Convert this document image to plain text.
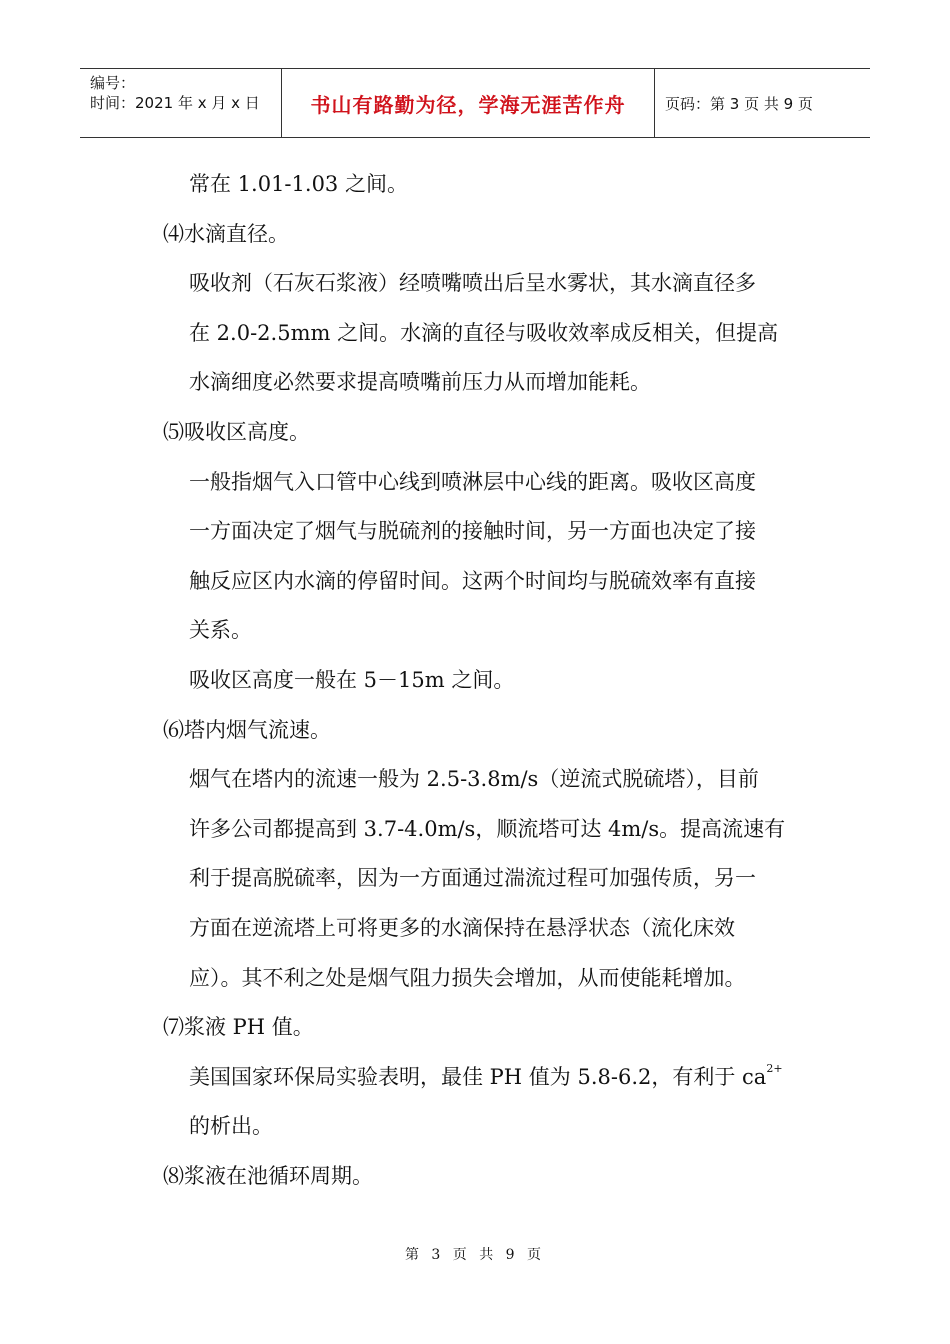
编号：
时间：2021 年 x 月 x 日	书山有路勤为径，学海无涯苦作舟	页码：第 3 页 共 9 页
常在 1.01-1.03 之间。
⑷水滴直径。
吸收剂（石灰石浆液）经喷嘴喷出后呈水雾状，其水滴直径多
在 2.0-2.5mm 之间。水滴的直径与吸收效率成反相关，但提高
水滴细度必然要求提高喷嘴前压力从而增加能耗。
⑸吸收区高度。
一般指烟气入口管中心线到喷淋层中心线的距离。吸收区高度
一方面决定了烟气与脱硫剂的接触时间，另一方面也决定了接
触反应区内水滴的停留时间。这两个时间均与脱硫效率有直接
关系。
吸收区高度一般在 5－15m 之间。
⑹塔内烟气流速。
烟气在塔内的流速一般为 2.5-3.8m/s（逆流式脱硫塔），目前
许多公司都提高到 3.7-4.0m/s，顺流塔可达 4m/s。提高流速有
利于提高脱硫率，因为一方面通过湍流过程可加强传质，另一
方面在逆流塔上可将更多的水滴保持在悬浮状态（流化床效
应）。其不利之处是烟气阻力损失会增加，从而使能耗增加。
⑺浆液 PH 值。
美国国家环保局实验表明，最佳 PH 值为 5.8-6.2，有利于 $ca^{2+}$
的析出。
⑻浆液在池循环周期。
第 3 页 共 9 页
